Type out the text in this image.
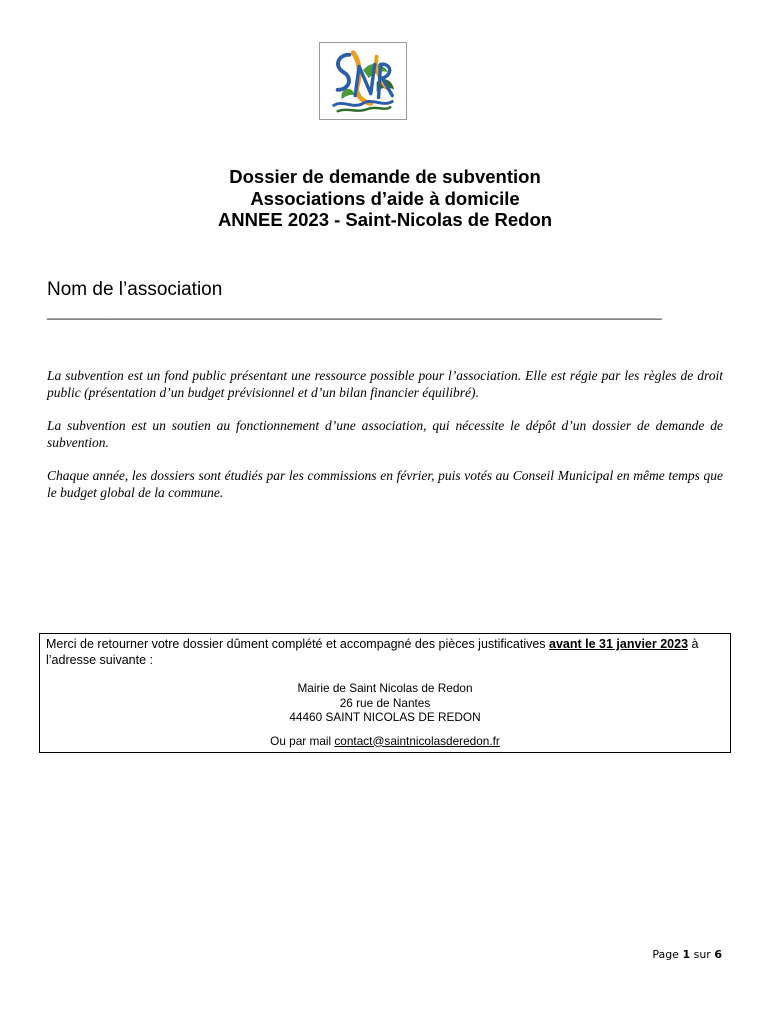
Dossier de demande de subvention
Associations d’aide à domicile
ANNEE 2023 - Saint-Nicolas de Redon
Nom de l’association
_____________________________________________________________________________________

La subvention est un fond public présentant une ressource possible pour l’association. Elle est régie par les règles de droit public (présentation d’un budget prévisionnel et d’un bilan financier équilibré).

La subvention est un soutien au fonctionnement d’une association, qui nécessite le dépôt d’un dossier de demande de subvention.

Chaque année, les dossiers sont étudiés par les commissions en février, puis votés au Conseil Municipal en même temps que le budget global de la commune.

Merci de retourner votre dossier dûment complété et accompagné des pièces justificatives avant le 31 janvier 2023 à l’adresse suivante :

Mairie de Saint Nicolas de Redon
26 rue de Nantes
44460 SAINT NICOLAS DE REDON
Ou par mail contact@saintnicolasderedon.fr
Page 1 sur 6
